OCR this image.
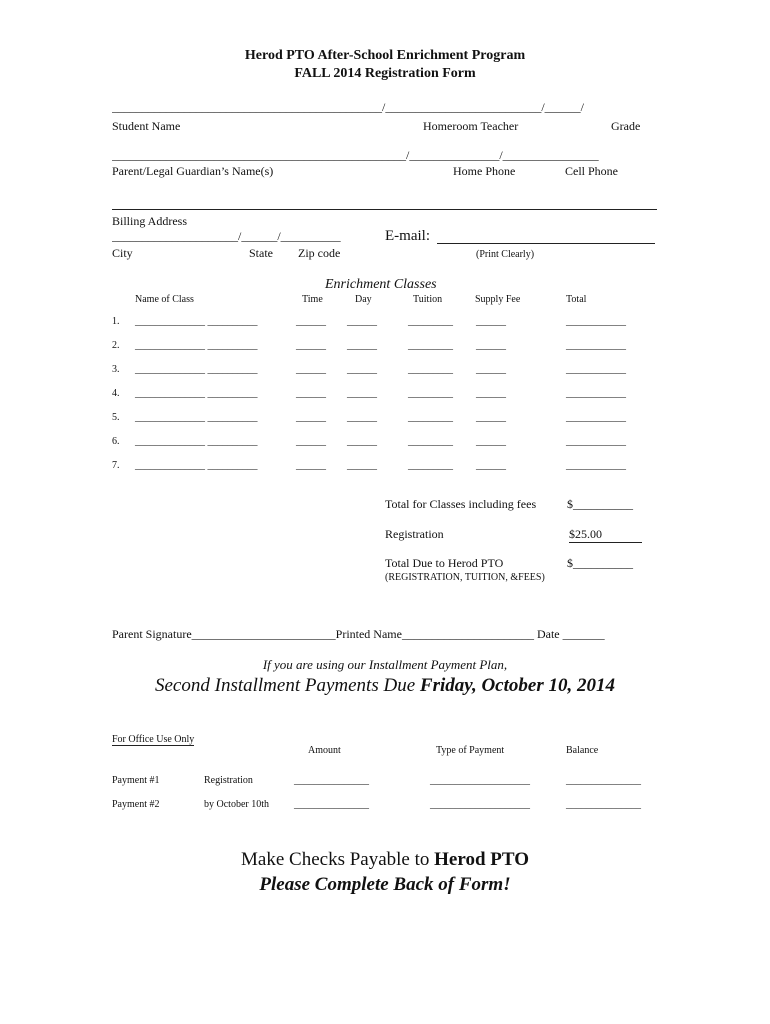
Herod PTO After-School Enrichment Program
FALL 2014 Registration Form
_____________________________________________/__________________________/______/
Student Name	Homeroom Teacher	Grade
_________________________________________________/_______________/________________
Parent/Legal Guardian’s Name(s)	Home Phone	Cell Phone
Billing Address
_____________________/______/__________
City	State Zip code
E-mail:
(Print Clearly)
Enrichment Classes
Name of Class	Time	Day	Tuition	Supply Fee	Total
1. ______________ __________	______ ______	_________ ______	____________
2. ______________ __________	______ ______	_________ ______	____________
3. ______________ __________	______ ______	_________ ______	____________
4. ______________ __________	______ ______	_________ ______	____________
5. ______________ __________	______ ______	_________ ______	____________
6. ______________ __________	______ ______	_________ ______	____________
7. ______________ __________	______ ______	_________ ______	____________
Total for Classes including fees	$__________
Registration	$25.00
Total Due to Herod PTO	$__________
(REGISTRATION, TUITION, &FEES)
Parent Signature________________________Printed Name______________________ Date _______
If you are using our Installment Payment Plan,
Second Installment Payments Due Friday, October 10, 2014
For Office Use Only
Amount	Type of Payment	Balance
Payment #1	Registration	_______________	____________________	_______________
Payment #2	by October 10th	_______________	____________________	_______________
Make Checks Payable to Herod PTO
Please Complete Back of Form!
